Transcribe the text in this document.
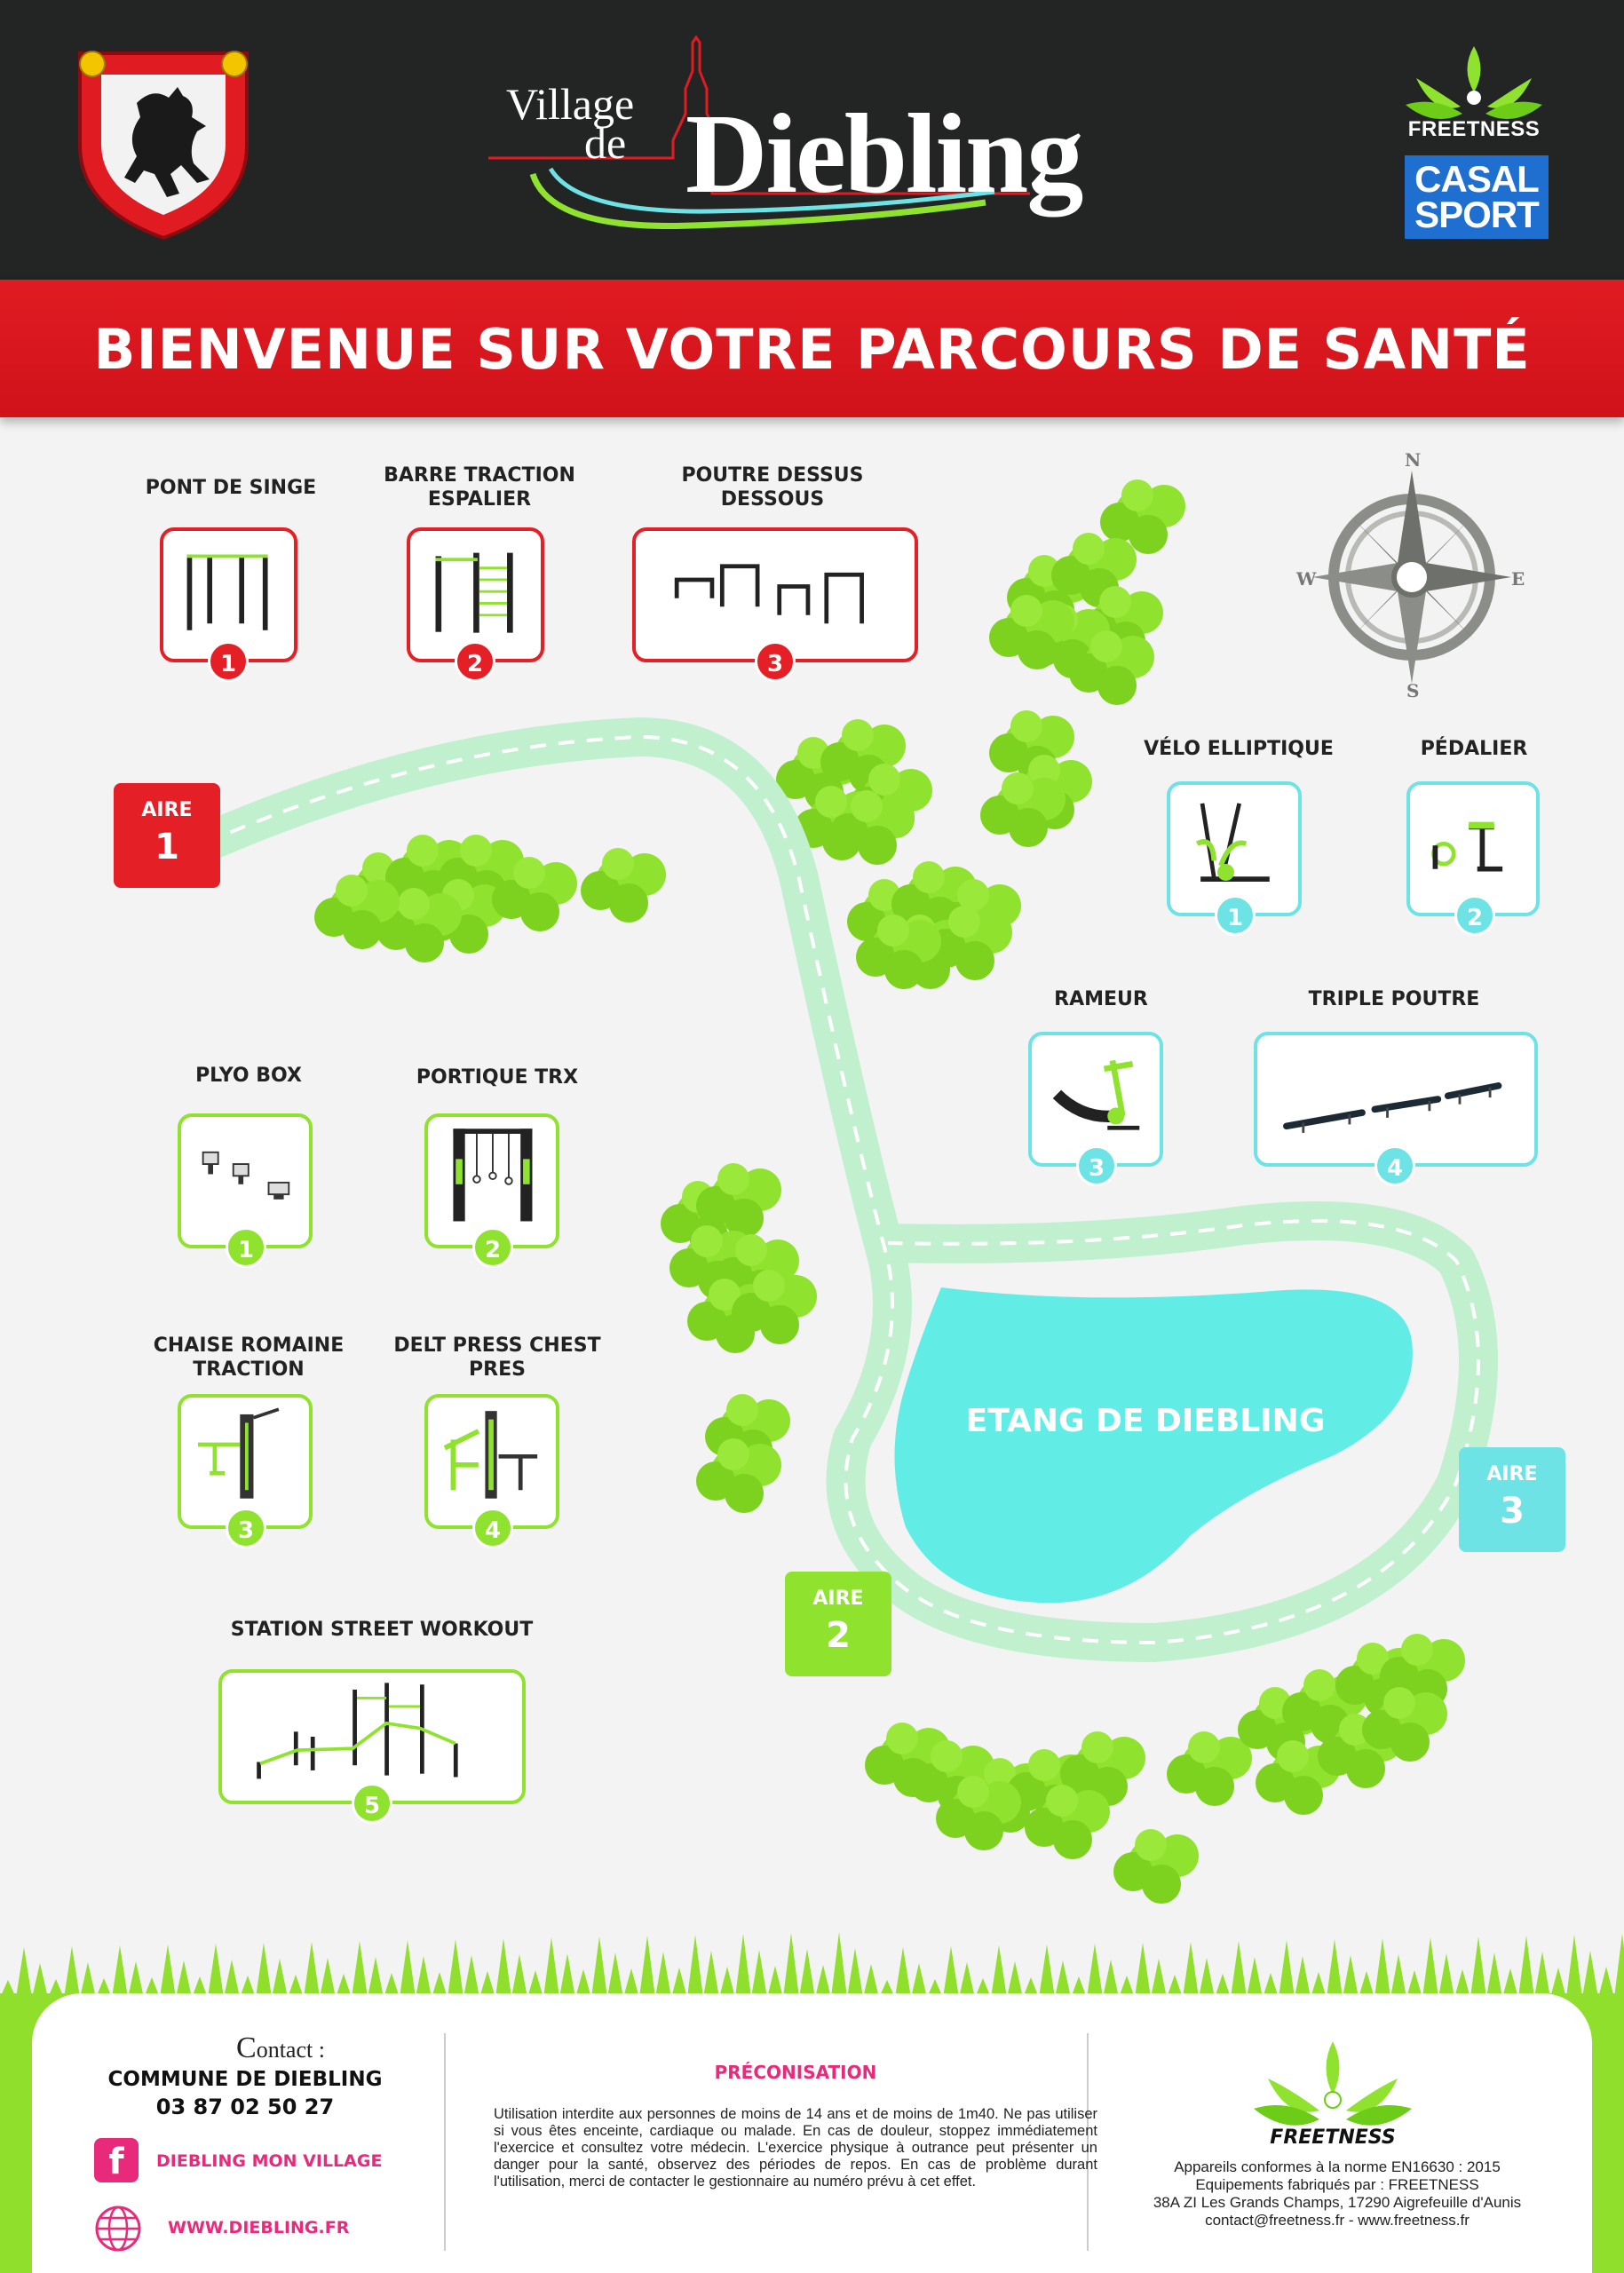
Village
de Diebling	FREETNESS
CASAL
SPORT
BIENVENUE SUR VOTRE PARCOURS DE SANTÉ
N
S
E
W
AIRE
1
AIRE
2
AIRE
3
ETANG DE DIEBLING
PONT DE SINGE
1
BARRE TRACTION ESPALIER
2
POUTRE DESSUS DESSOUS
3
VÉLO ELLIPTIQUE
1
PÉDALIER
2
RAMEUR
3
TRIPLE POUTRE
4
PLYO BOX
1
PORTIQUE TRX
2
CHAISE ROMAINE TRACTION
3
DELT PRESS CHEST PRES
4
STATION STREET WORKOUT
5
Contact :
COMMUNE DE DIEBLING
03 87 02 50 27
f	DIEBLING MON VILLAGE
WWW.DIEBLING.FR
PRÉCONISATION
Utilisation interdite aux personnes de moins de 14 ans et de moins de 1m40. Ne pas utiliser si vous êtes enceinte, cardiaque ou malade. En cas de douleur, stoppez immédiatement l'exercice et consultez votre médecin. L'exercice physique à outrance peut présenter un danger pour la santé, observez des périodes de repos. En cas de problème durant l'utilisation, merci de contacter le gestionnaire au numéro prévu à cet effet.
FREETNESS
Appareils conformes à la norme EN16630 : 2015
Equipements fabriqués par : FREETNESS
38A ZI Les Grands Champs, 17290 Aigrefeuille d'Aunis
contact@freetness.fr - www.freetness.fr
